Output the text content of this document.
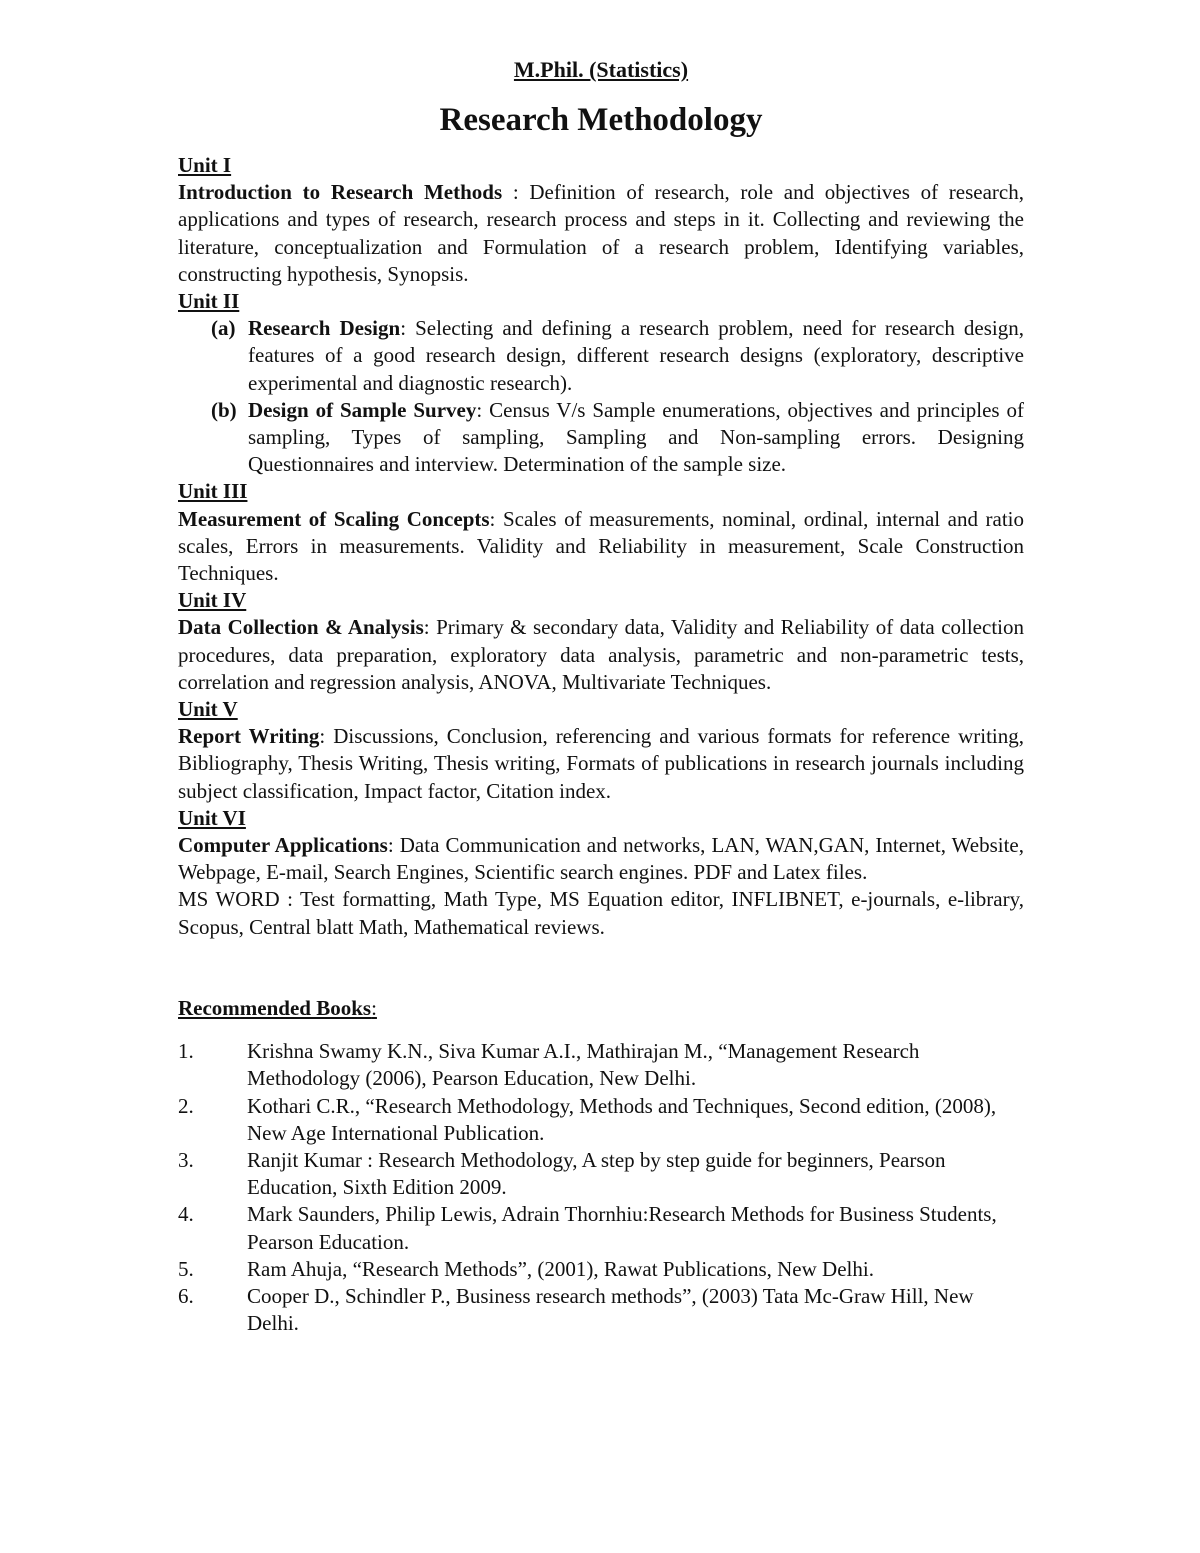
M.Phil. (Statistics)
Research Methodology
Unit I
Introduction to Research Methods : Definition of research, role and objectives of research, applications and types of research, research process and steps in it. Collecting and reviewing the literature, conceptualization and Formulation of a research problem, Identifying variables, constructing hypothesis, Synopsis.
Unit II
(a) Research Design: Selecting and defining a research problem, need for research design, features of a good research design, different research designs (exploratory, descriptive experimental and diagnostic research).
(b) Design of Sample Survey: Census V/s Sample enumerations, objectives and principles of sampling, Types of sampling, Sampling and Non-sampling errors. Designing Questionnaires and interview. Determination of the sample size.
Unit III
Measurement of Scaling Concepts: Scales of measurements, nominal, ordinal, internal and ratio scales, Errors in measurements. Validity and Reliability in measurement, Scale Construction Techniques.
Unit IV
Data Collection & Analysis: Primary & secondary data, Validity and Reliability of data collection procedures, data preparation, exploratory data analysis, parametric and non-parametric tests, correlation and regression analysis, ANOVA, Multivariate Techniques.
Unit V
Report Writing: Discussions, Conclusion, referencing and various formats for reference writing, Bibliography, Thesis Writing, Thesis writing, Formats of publications in research journals including subject classification, Impact factor, Citation index.
Unit VI
Computer Applications: Data Communication and networks, LAN, WAN,GAN, Internet, Website, Webpage, E-mail, Search Engines, Scientific search engines. PDF and Latex files.
MS WORD : Test formatting, Math Type, MS Equation editor, INFLIBNET, e-journals, e-library, Scopus, Central blatt Math, Mathematical reviews.
Recommended Books:
1.	Krishna Swamy K.N., Siva Kumar A.I., Mathirajan M., “Management Research Methodology (2006), Pearson Education, New Delhi.
2.	Kothari C.R., “Research Methodology, Methods and Techniques, Second edition, (2008), New Age International Publication.
3.	Ranjit Kumar : Research Methodology, A step by step guide for beginners, Pearson Education, Sixth Edition 2009.
4.	Mark Saunders, Philip Lewis, Adrain Thornhiu:Research Methods for Business Students, Pearson Education.
5.	Ram Ahuja, “Research Methods”, (2001), Rawat Publications, New Delhi.
6.	Cooper D., Schindler P., Business research methods”, (2003) Tata Mc-Graw Hill, New Delhi.
